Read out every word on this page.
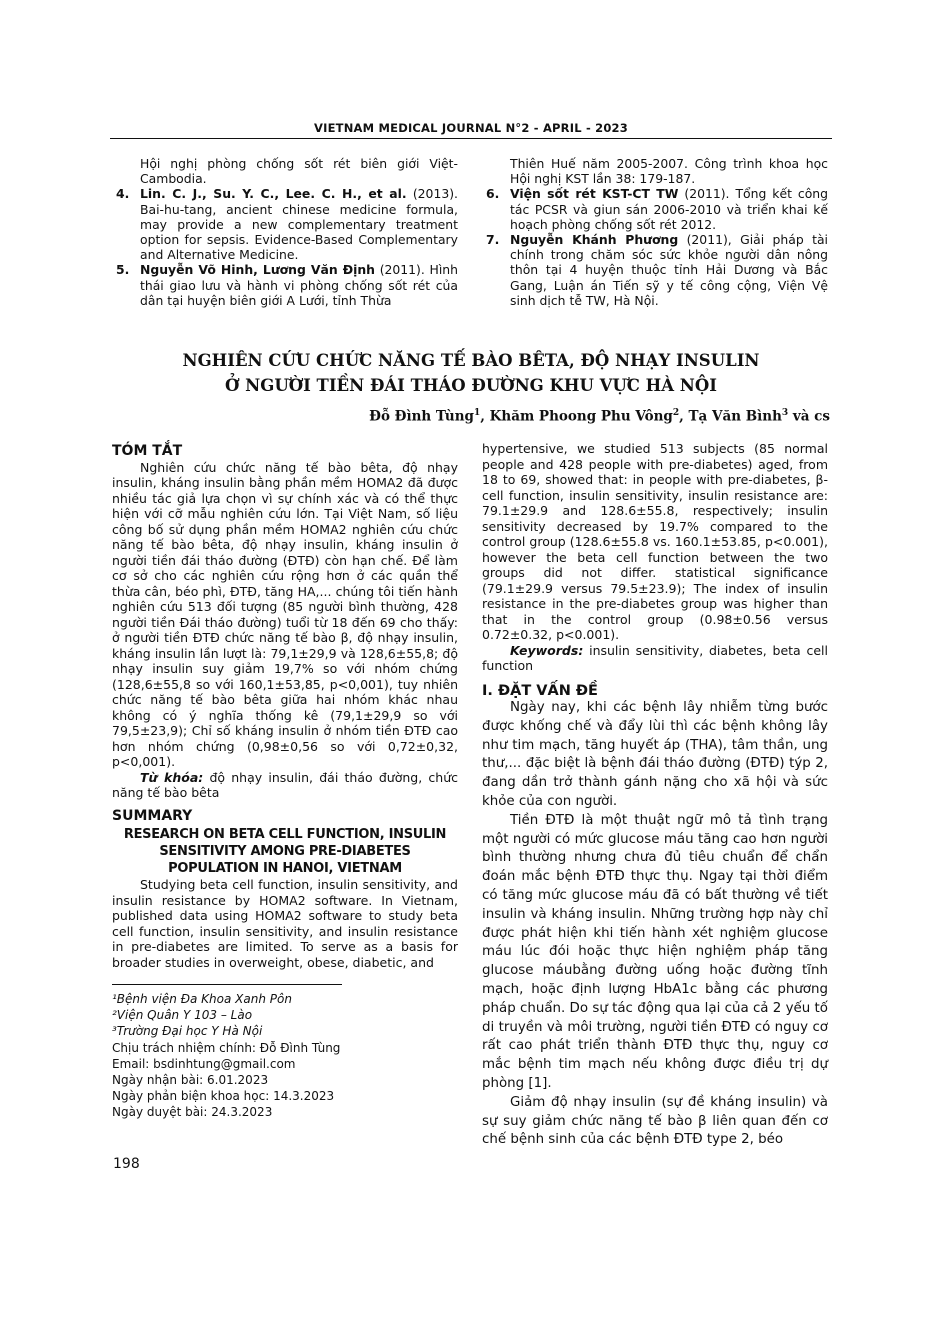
VIETNAM MEDICAL JOURNAL N°2 - APRIL - 2023

Hội nghị phòng chống sốt rét biên giới Việt-Cambodia.

4. Lin. C. J., Su. Y. C., Lee. C. H., et al. (2013). Bai-hu-tang, ancient chinese medicine formula, may provide a new complementary treatment option for sepsis. Evidence-Based Complementary and Alternative Medicine.

5. Nguyễn Võ Hinh, Lương Văn Định (2011). Hình thái giao lưu và hành vi phòng chống sốt rét của dân tại huyện biên giới A Lưới, tỉnh Thừa

Thiên Huế năm 2005-2007. Công trình khoa học Hội nghị KST lần 38: 179-187.

6. Viện sốt rét KST-CT TW (2011). Tổng kết công tác PCSR và giun sán 2006-2010 và triển khai kế hoạch phòng chống sốt rét 2012.

7. Nguyễn Khánh Phương (2011), Giải pháp tài chính trong chăm sóc sức khỏe người dân nông thôn tại 4 huyện thuộc tỉnh Hải Dương và Bắc Gang, Luận án Tiến sỹ y tế công cộng, Viện Vệ sinh dịch tễ TW, Hà Nội.

NGHIÊN CỨU CHỨC NĂNG TẾ BÀO BÊTA, ĐỘ NHẠY INSULIN
Ở NGƯỜI TIỀN ĐÁI THÁO ĐƯỜNG KHU VỰC HÀ NỘI
Đỗ Đình Tùng$^1$, Khăm Phoong Phu Vông$^2$, Tạ Văn Bình$^3$ và cs

TÓM TẮT

Nghiên cứu chức năng tế bào bêta, độ nhạy insulin, kháng insulin bằng phần mềm HOMA2 đã được nhiều tác giả lựa chọn vì sự chính xác và có thể thực hiện với cỡ mẫu nghiên cứu lớn. Tại Việt Nam, số liệu công bố sử dụng phần mềm HOMA2 nghiên cứu chức năng tế bào bêta, độ nhạy insulin, kháng insulin ở người tiền đái tháo đường (ĐTĐ) còn hạn chế. Để làm cơ sở cho các nghiên cứu rộng hơn ở các quần thể thừa cân, béo phì, ĐTĐ, tăng HA,... chúng tôi tiến hành nghiên cứu 513 đối tượng (85 người bình thường, 428 người tiền Đái tháo đường) tuổi từ 18 đến 69 cho thấy: ở người tiền ĐTĐ chức năng tế bào β, độ nhạy insulin, kháng insulin lần lượt là: 79,1±29,9 và 128,6±55,8; độ nhạy insulin suy giảm 19,7% so với nhóm chứng (128,6±55,8 so với 160,1±53,85, p<0,001), tuy nhiên chức năng tế bào bêta giữa hai nhóm khác nhau không có ý nghĩa thống kê (79,1±29,9 so với 79,5±23,9); Chỉ số kháng insulin ở nhóm tiền ĐTĐ cao hơn nhóm chứng (0,98±0,56 so với 0,72±0,32, p<0,001).

Từ khóa: độ nhạy insulin, đái tháo đường, chức năng tế bào bêta

SUMMARY

RESEARCH ON BETA CELL FUNCTION, INSULIN SENSITIVITY AMONG PRE-DIABETES POPULATION IN HANOI, VIETNAM

Studying beta cell function, insulin sensitivity, and insulin resistance by HOMA2 software. In Vietnam, published data using HOMA2 software to study beta cell function, insulin sensitivity, and insulin resistance in pre-diabetes are limited. To serve as a basis for broader studies in overweight, obese, diabetic, and

¹Bệnh viện Đa Khoa Xanh Pôn

²Viện Quân Y 103 – Lào

³Trường Đại học Y Hà Nội

Chịu trách nhiệm chính: Đỗ Đình Tùng

Email: bsdinhtung@gmail.com

Ngày nhận bài: 6.01.2023

Ngày phản biện khoa học: 14.3.2023

Ngày duyệt bài: 24.3.2023

hypertensive, we studied 513 subjects (85 normal people and 428 people with pre-diabetes) aged, from 18 to 69, showed that: in people with pre-diabetes, β-cell function, insulin sensitivity, insulin resistance are: 79.1±29.9 and 128.6±55.8, respectively; insulin sensitivity decreased by 19.7% compared to the control group (128.6±55.8 vs. 160.1±53.85, p<0.001), however the beta cell function between the two groups did not differ. statistical significance (79.1±29.9 versus 79.5±23.9); The index of insulin resistance in the pre-diabetes group was higher than that in the control group (0.98±0.56 versus 0.72±0.32, p<0.001).

Keywords: insulin sensitivity, diabetes, beta cell function

I. ĐẶT VẤN ĐỀ

Ngày nay, khi các bệnh lây nhiễm từng bước được khống chế và đẩy lùi thì các bệnh không lây như tim mạch, tăng huyết áp (THA), tâm thần, ung thư,... đặc biệt là bệnh đái tháo đường (ĐTĐ) týp 2, đang dần trở thành gánh nặng cho xã hội và sức khỏe của con người.

Tiền ĐTĐ là một thuật ngữ mô tả tình trạng một người có mức glucose máu tăng cao hơn người bình thường nhưng chưa đủ tiêu chuẩn để chẩn đoán mắc bệnh ĐTĐ thực thụ. Ngay tại thời điểm có tăng mức glucose máu đã có bất thường về tiết insulin và kháng insulin. Những trường hợp này chỉ được phát hiện khi tiến hành xét nghiệm glucose máu lúc đói hoặc thực hiện nghiệm pháp tăng glucose máubằng đường uống hoặc đường tĩnh mạch, hoặc định lượng HbA1c bằng các phương pháp chuẩn. Do sự tác động qua lại của cả 2 yếu tố di truyền và môi trường, người tiền ĐTĐ có nguy cơ rất cao phát triển thành ĐTĐ thực thụ, nguy cơ mắc bệnh tim mạch nếu không được điều trị dự phòng [1].

Giảm độ nhạy insulin (sự đề kháng insulin) và sự suy giảm chức năng tế bào β liên quan đến cơ chế bệnh sinh của các bệnh ĐTĐ type 2, béo

198
